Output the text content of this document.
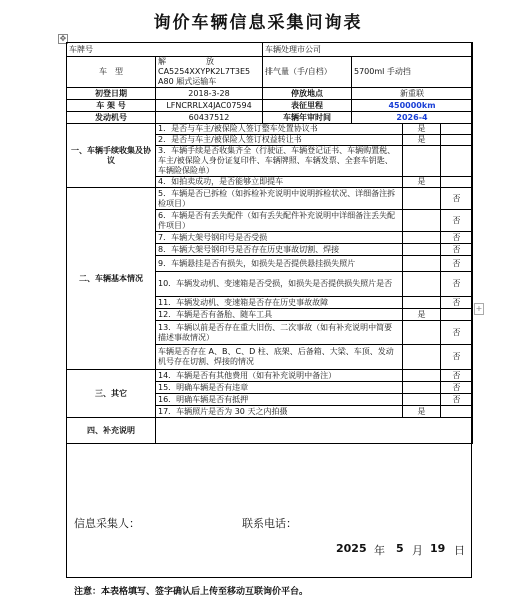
询价车辆信息采集问询表
✥
车牌号		车辆处理市公司			
车　型	解　　　　　放
CA5254XXYPK2L7T3E5
A80 厢式运输车	排气量（手/自档）	5700ml 手动挡		
初登日期	2018-3-28	停放地点	新重联		
车 架 号	LFNCRRLX4JAC07594	表征里程	450000km		
发动机号	60437512	车辆年审时间	2026-4		
一、车辆手续收集及协议	1．是否与车主/被保险人签订整车处置协议书			是	
	2．是否与车主/被保险人签订权益转让书			是	
	3．车辆手续是否收集齐全（行驶证、车辆登记证书、车辆购置税、车主/被保险人身份证复印件、车辆牌照、车辆发票、全套车钥匙、车辆险保险单）				
	4．如拍卖成功，是否能够立即提车			是	
二、车辆基本情况	5．车辆是否已拆检（如拆检补充说明中说明拆检状况、详细备注拆检项目）				否
	6．车辆是否有丢失配件（如有丢失配件补充说明中详细备注丢失配件项目）				否
	7．车辆大架号钢印号是否受损				否
	8．车辆大架号钢印号是否存在历史事故切割、焊接				否
	9．车辆悬挂是否有损失，如损失是否提供悬挂损失照片				否
	10．车辆发动机、变速箱是否受损，如损失是否提供损失照片是否				否
	11．车辆发动机、变速箱是否存在历史事故故障				否
	12．车辆是否有备胎、随车工具			是	
	13．车辆以前是否存在重大旧伤、二次事故（如有补充说明中简要描述事故情况）				否
	车辆是否存在 A、B、C、D 柱、底架、后备箱、大梁、车顶、发动机号存在切割、焊接的情况				否
三、其它	14．车辆是否有其他费用（如有补充说明中备注）				否
	15．明确车辆是否有违章				否
	16．明确车辆是否有抵押				否
	17．车辆照片是否为 30 天之内拍摄			是	
四、补充说明					
+
信息采集人：	联系电话：
2025 年 5 月 19 日
注意：本表格填写、签字确认后上传至移动互联询价平台。
